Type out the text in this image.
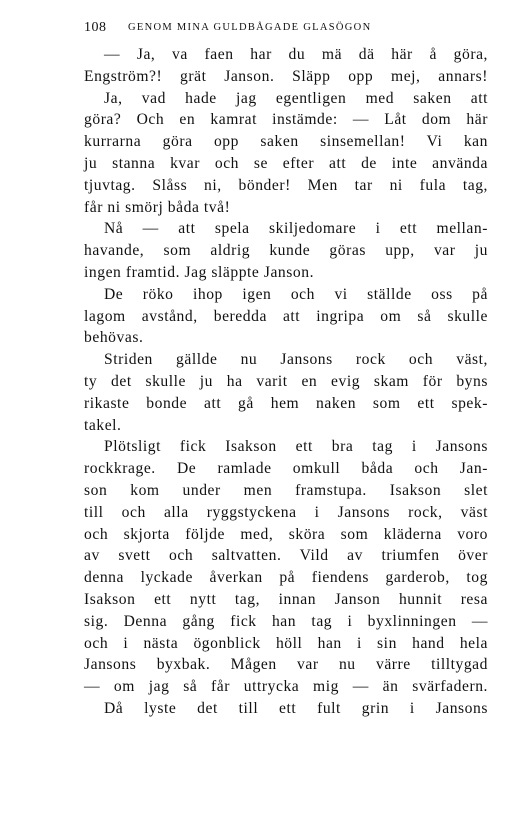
108 GENOM MINA GULDBÅGADE GLASÖGON
— Ja, va faen har du mä dä här å göra,
Engström?! grät Janson. Släpp opp mej, annars!
Ja, vad hade jag egentligen med saken att
göra? Och en kamrat instämde: — Låt dom här
kurrarna göra opp saken sinsemellan! Vi kan
ju stanna kvar och se efter att de inte använda
tjuvtag. Slåss ni, bönder! Men tar ni fula tag,
får ni smörj båda två!
Nå — att spela skiljedomare i ett mellan-
havande, som aldrig kunde göras upp, var ju
ingen framtid. Jag släppte Janson.
De röko ihop igen och vi ställde oss på
lagom avstånd, beredda att ingripa om så skulle
behövas.
Striden gällde nu Jansons rock och väst,
ty det skulle ju ha varit en evig skam för byns
rikaste bonde att gå hem naken som ett spek-
takel.
Plötsligt fick Isakson ett bra tag i Jansons
rockkrage. De ramlade omkull båda och Jan-
son kom under men framstupa. Isakson slet
till och alla ryggstyckena i Jansons rock, väst
och skjorta följde med, sköra som kläderna voro
av svett och saltvatten. Vild av triumfen över
denna lyckade åverkan på fiendens garderob, tog
Isakson ett nytt tag, innan Janson hunnit resa
sig. Denna gång fick han tag i byxlinningen —
och i nästa ögonblick höll han i sin hand hela
Jansons byxbak. Mågen var nu värre tilltygad
— om jag så får uttrycka mig — än svärfadern.
Då lyste det till ett fult grin i Jansons
